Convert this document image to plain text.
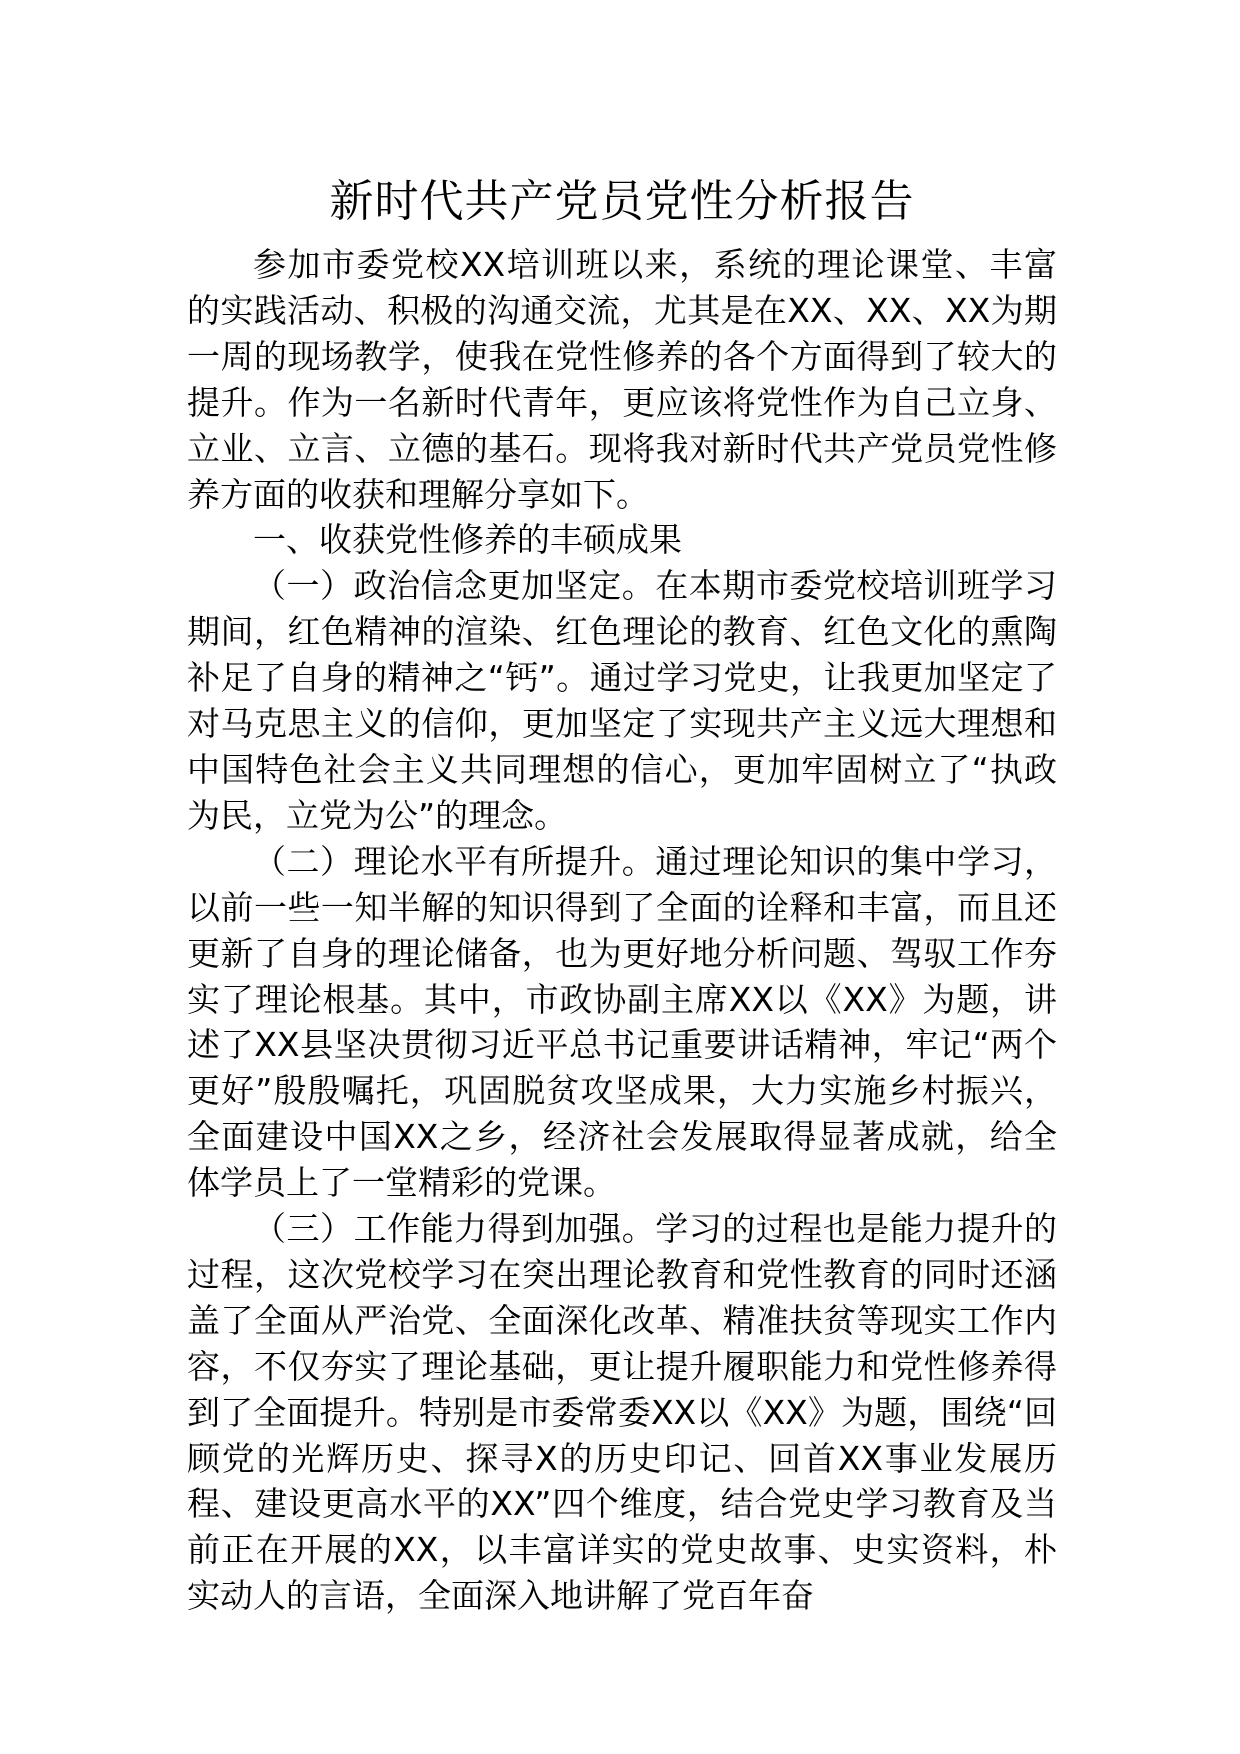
新时代共产党员党性分析报告

参加市委党校XX培训班以来，系统的理论课堂、丰富的实践活动、积极的沟通交流，尤其是在XX、XX、XX为期一周的现场教学，使我在党性修养的各个方面得到了较大的提升。作为一名新时代青年，更应该将党性作为自己立身、立业、立言、立德的基石。现将我对新时代共产党员党性修养方面的收获和理解分享如下。

一、收获党性修养的丰硕成果

（一）政治信念更加坚定。在本期市委党校培训班学习期间，红色精神的渲染、红色理论的教育、红色文化的熏陶补足了自身的精神之“钙”。通过学习党史，让我更加坚定了对马克思主义的信仰，更加坚定了实现共产主义远大理想和中国特色社会主义共同理想的信心，更加牢固树立了“执政为民，立党为公”的理念。

（二）理论水平有所提升。通过理论知识的集中学习，以前一些一知半解的知识得到了全面的诠释和丰富，而且还更新了自身的理论储备，也为更好地分析问题、驾驭工作夯实了理论根基。其中，市政协副主席XX以《XX》为题，讲述了XX县坚决贯彻习近平总书记重要讲话精神，牢记“两个更好”殷殷嘱托，巩固脱贫攻坚成果，大力实施乡村振兴，全面建设中国XX之乡，经济社会发展取得显著成就，给全体学员上了一堂精彩的党课。

（三）工作能力得到加强。学习的过程也是能力提升的过程，这次党校学习在突出理论教育和党性教育的同时还涵盖了全面从严治党、全面深化改革、精准扶贫等现实工作内容，不仅夯实了理论基础，更让提升履职能力和党性修养得到了全面提升。特别是市委常委XX以《XX》为题，围绕“回顾党的光辉历史、探寻X的历史印记、回首XX事业发展历程、建设更高水平的XX”四个维度，结合党史学习教育及当前正在开展的XX，以丰富详实的党史故事、史实资料，朴实动人的言语，全面深入地讲解了党百年奋
